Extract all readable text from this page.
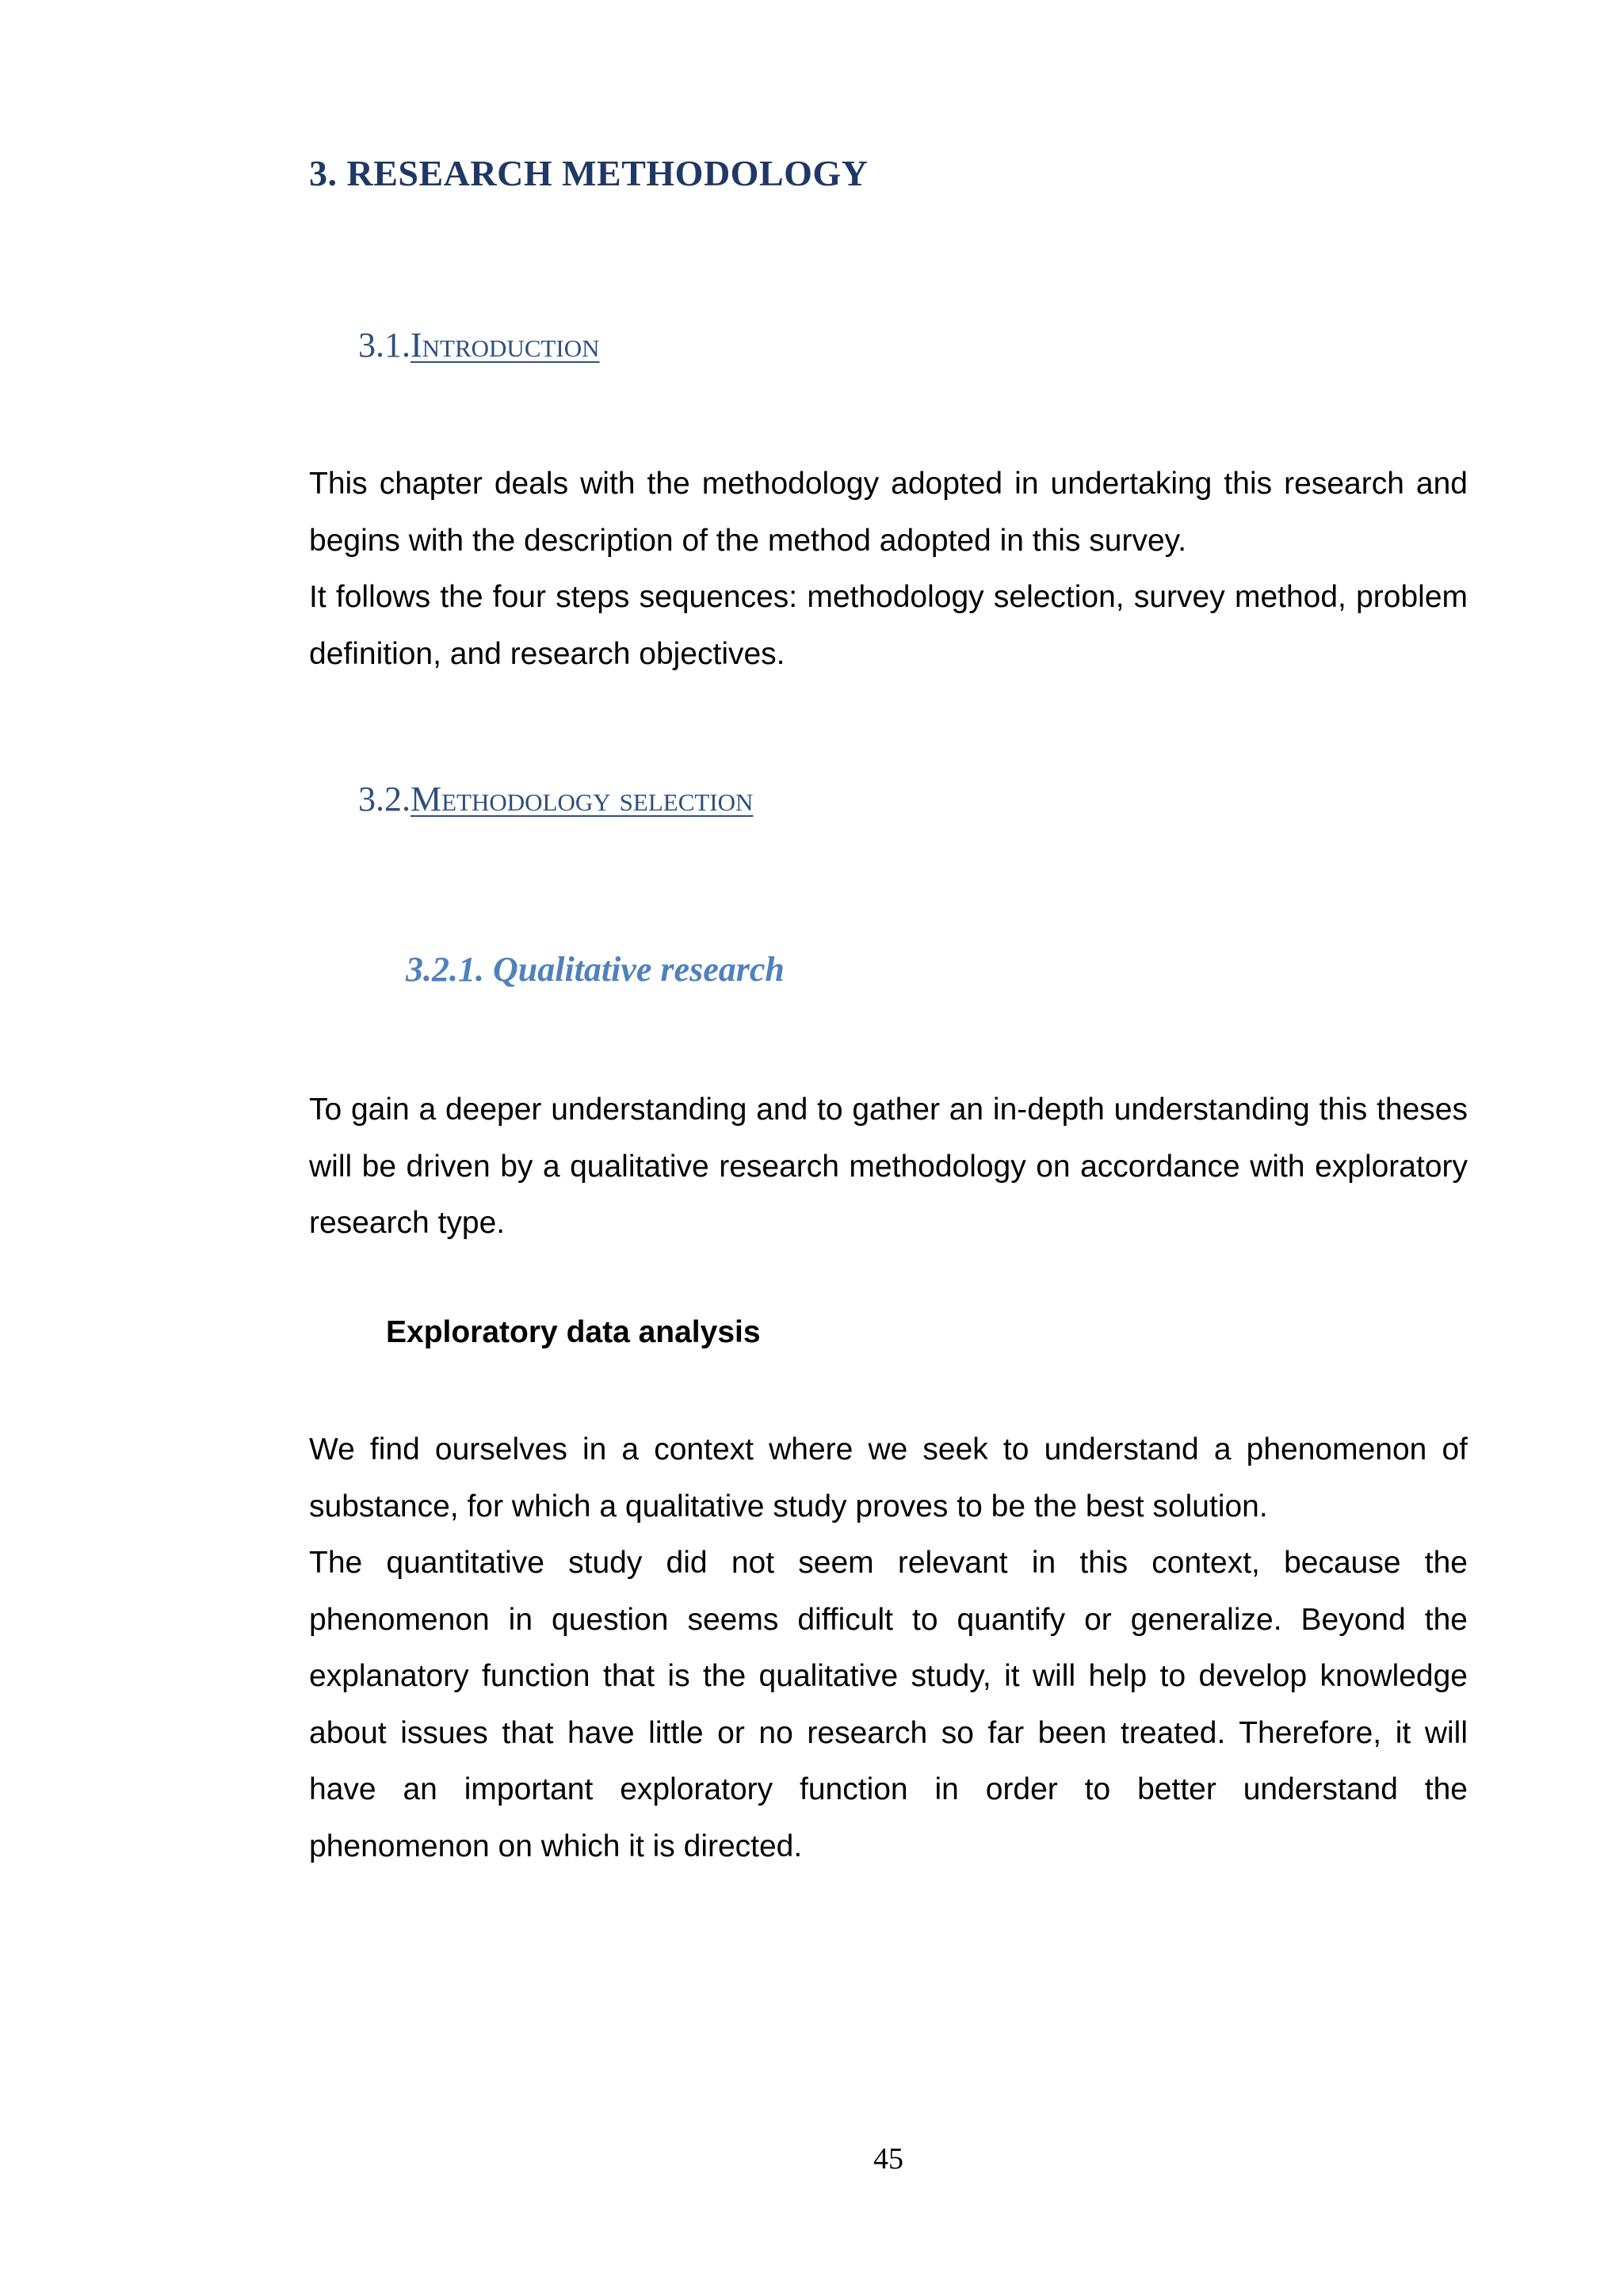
3. RESEARCH METHODOLOGY
3.1.Introduction
This chapter deals with the methodology adopted in undertaking this research and begins with the description of the method adopted in this survey.
It follows the four steps sequences: methodology selection, survey method, problem definition, and research objectives.
3.2.Methodology selection
3.2.1. Qualitative research
To gain a deeper understanding and to gather an in-depth understanding this theses will be driven by a qualitative research methodology on accordance with exploratory research type.
Exploratory data analysis
We find ourselves in a context where we seek to understand a phenomenon of substance, for which a qualitative study proves to be the best solution.
The quantitative study did not seem relevant in this context, because the phenomenon in question seems difficult to quantify or generalize. Beyond the explanatory function that is the qualitative study, it will help to develop knowledge about issues that have little or no research so far been treated. Therefore, it will have an important exploratory function in order to better understand the phenomenon on which it is directed.
45
